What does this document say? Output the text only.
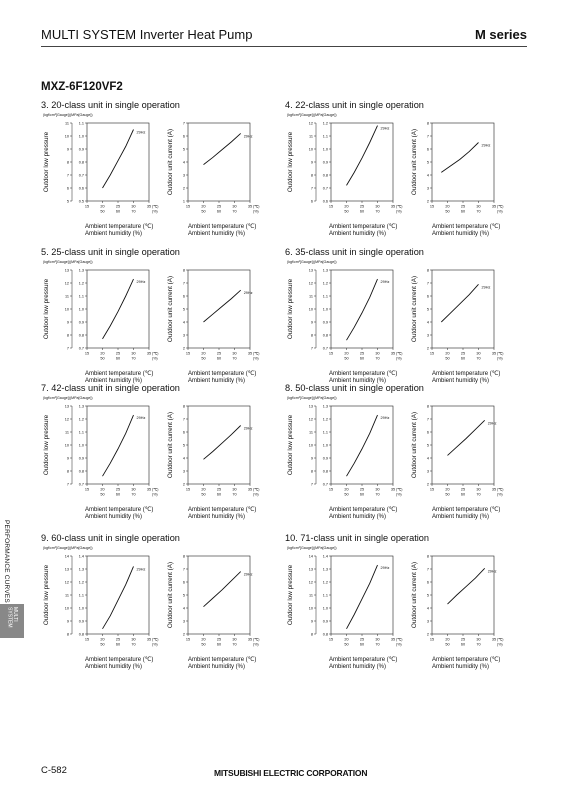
MULTI SYSTEM Inverter Heat Pump	M series
MXZ-6F120VF2
(kgf/cm²[Gauge])(MPa[Gauge])
Outdoor low pressure
0.5
5
0.6
6
0.7
7
0.8
8
0.9
9
1.0
10
1.1
11
15	20	25	30	35 (℃)
50	60	70	(%)
29Hz	Outdoor unit current (A)
1
2
3
4
5
6
7
15	20	25	30	35 (℃)
50	60	70	(%)
29Hz
(kgf/cm²[Gauge])(MPa[Gauge])
Outdoor low pressure
0.6
6
0.7
7
0.8
8
0.9
9
1.0
10
1.1
11
1.2
12
15	20	25	30	35 (℃)
50	60	70	(%)
29Hz
Outdoor unit current (A)
2
3
4
5
6
7
8
15	20	25	30	35 (℃)
50	60	70	(%)
29Hz
(kgf/cm²[Gauge])(MPa[Gauge])
Outdoor low pressure
0.7
7
0.8
8
0.9
9
1.0
10
1.1
11
1.2
12
1.3
13
15	20	25	30	35 (℃)
50	60	70	(%)
29Hz	Outdoor unit current (A)
2
3
4
5
6
7
8
15	20	25	30	35 (℃)
50	60	70	(%)
29Hz
(kgf/cm²[Gauge])(MPa[Gauge])
Outdoor low pressure
0.7
7
0.8
8
0.9
9
1.0
10
1.1
11
1.2
12
1.3
13
15	20	25	30	35 (℃)
50	60	70	(%)
29Hz	Outdoor unit current (A)
2
3
4
5
6
7
8
15	20	25	30	35 (℃)
50	60	70	(%)
29Hz
(kgf/cm²[Gauge])(MPa[Gauge])
Outdoor low pressure
0.7
7
0.8
8
0.9
9
1.0
10
1.1
11
1.2
12
1.3
13
15	20	25	30	35 (℃)
50	60	70	(%)
29Hz	Outdoor unit current (A)
2
3
4
5
6
7
8
15	20	25	30	35 (℃)
50	60	70	(%)
29Hz
(kgf/cm²[Gauge])(MPa[Gauge])
Outdoor low pressure
0.7
7
0.8
8
0.9
9
1.0
10
1.1
11
1.2
12
1.3
13
15	20	25	30	35 (℃)
50	60	70	(%)
29Hz	Outdoor unit current (A)
2
3
4
5
6
7
8
15	20	25	30	35 (℃)
50	60	70	(%)
29Hz
(kgf/cm²[Gauge])(MPa[Gauge])
Outdoor low pressure
0.8
8
0.9
9
1.0
10
1.1
11
1.2
12
1.3
13
1.4
14
15	20	25	30	35 (℃)
50	60	70	(%)
29Hz	Outdoor unit current (A)
2
3
4
5
6
7
8
15	20	25	30	35 (℃)
50	60	70	(%)
29Hz
(kgf/cm²[Gauge])(MPa[Gauge])
Outdoor low pressure
0.8
8
0.9
9
1.0
10
1.1
11
1.2
12
1.3
13
1.4
14
15	20	25	30	35 (℃)
50	60	70	(%)
29Hz	Outdoor unit current (A)
2
3
4
5
6
7
8
15	20	25	30	35 (℃)
50	60	70	(%)
29Hz
PERFORMANCE CURVES
MULTI SYSTEM
C-582	MITSUBISHI ELECTRIC CORPORATION
3. 20-class unit in single operation
Ambient temperature (℃)
Ambient humidity (%)
Ambient temperature (℃)
Ambient humidity (%)
4. 22-class unit in single operation
Ambient temperature (℃)
Ambient humidity (%)
Ambient temperature (℃)
Ambient humidity (%)
5. 25-class unit in single operation
Ambient temperature (℃)
Ambient humidity (%)
Ambient temperature (℃)
Ambient humidity (%)
6. 35-class unit in single operation
Ambient temperature (℃)
Ambient humidity (%)
Ambient temperature (℃)
Ambient humidity (%)
7. 42-class unit in single operation
Ambient temperature (℃)
Ambient humidity (%)
Ambient temperature (℃)
Ambient humidity (%)
8. 50-class unit in single operation
Ambient temperature (℃)
Ambient humidity (%)
Ambient temperature (℃)
Ambient humidity (%)
9. 60-class unit in single operation
Ambient temperature (℃)
Ambient humidity (%)
Ambient temperature (℃)
Ambient humidity (%)
10. 71-class unit in single operation
Ambient temperature (℃)
Ambient humidity (%)
Ambient temperature (℃)
Ambient humidity (%)
